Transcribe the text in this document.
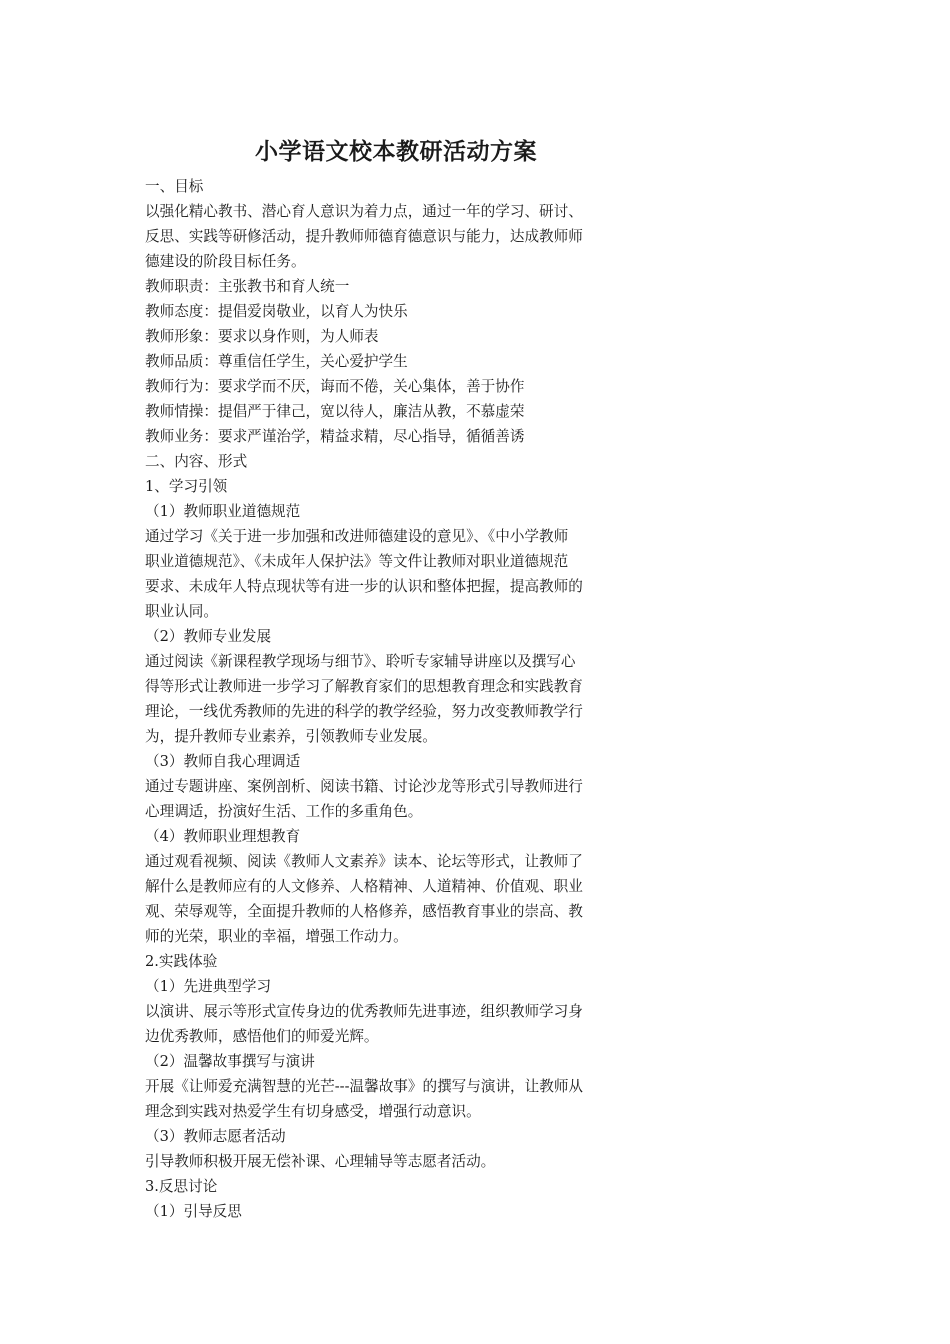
小学语文校本教研活动方案
一、目标
以强化精心教书、潜心育人意识为着力点，通过一年的学习、研讨、
反思、实践等研修活动，提升教师师德育德意识与能力，达成教师师
德建设的阶段目标任务。
教师职责：主张教书和育人统一
教师态度：提倡爱岗敬业，以育人为快乐
教师形象：要求以身作则，为人师表
教师品质：尊重信任学生，关心爱护学生
教师行为：要求学而不厌，诲而不倦，关心集体，善于协作
教师情操：提倡严于律己，宽以待人，廉洁从教，不慕虚荣
教师业务：要求严谨治学，精益求精，尽心指导，循循善诱
二、内容、形式
1、学习引领
（1）教师职业道德规范
通过学习《关于进一步加强和改进师德建设的意见》、《中小学教师
职业道德规范》、《未成年人保护法》等文件让教师对职业道德规范
要求、未成年人特点现状等有进一步的认识和整体把握，提高教师的
职业认同。
（2）教师专业发展
通过阅读《新课程教学现场与细节》、聆听专家辅导讲座以及撰写心
得等形式让教师进一步学习了解教育家们的思想教育理念和实践教育
理论，一线优秀教师的先进的科学的教学经验，努力改变教师教学行
为，提升教师专业素养，引领教师专业发展。
（3）教师自我心理调适
通过专题讲座、案例剖析、阅读书籍、讨论沙龙等形式引导教师进行
心理调适，扮演好生活、工作的多重角色。
（4）教师职业理想教育
通过观看视频、阅读《教师人文素养》读本、论坛等形式，让教师了
解什么是教师应有的人文修养、人格精神、人道精神、价值观、职业
观、荣辱观等，全面提升教师的人格修养，感悟教育事业的崇高、教
师的光荣，职业的幸福，增强工作动力。
2.实践体验
（1）先进典型学习
以演讲、展示等形式宣传身边的优秀教师先进事迹，组织教师学习身
边优秀教师，感悟他们的师爱光辉。
（2）温馨故事撰写与演讲
开展《让师爱充满智慧的光芒---温馨故事》的撰写与演讲，让教师从
理念到实践对热爱学生有切身感受，增强行动意识。
（3）教师志愿者活动
引导教师积极开展无偿补课、心理辅导等志愿者活动。
3.反思讨论
（1）引导反思
